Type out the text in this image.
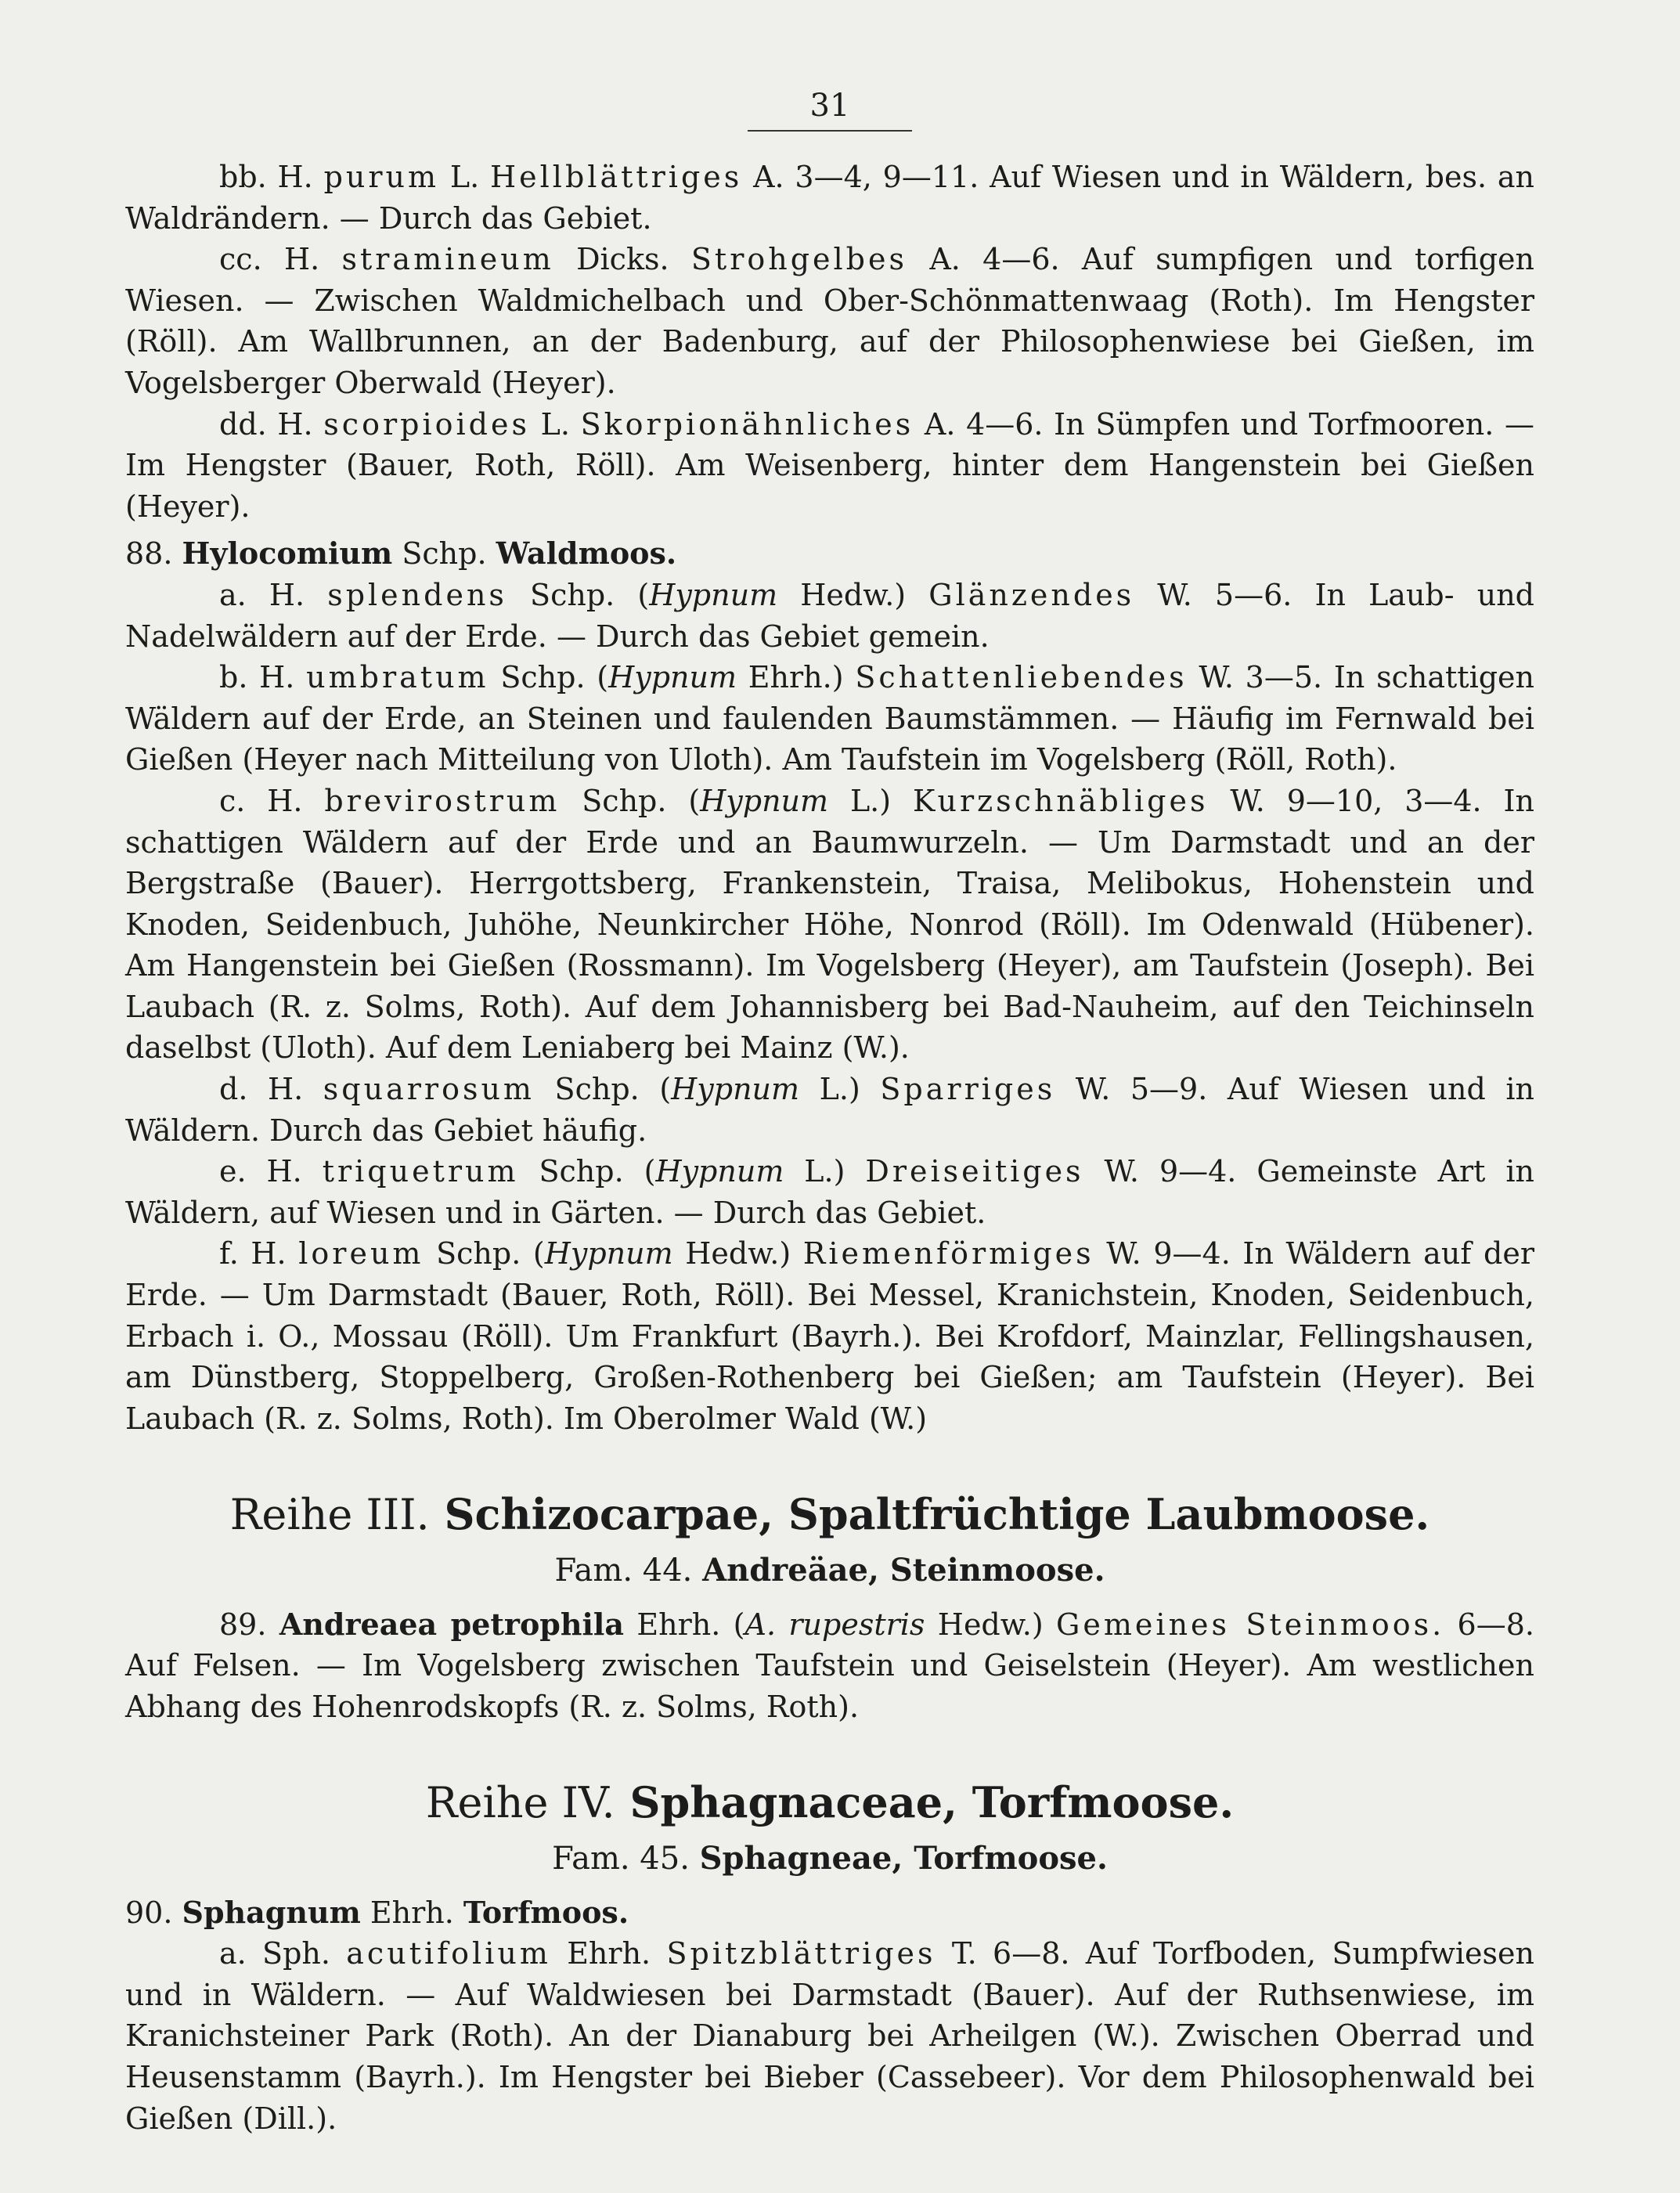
31

bb. H. purum L. Hellblättriges A. 3—4, 9—11. Auf Wiesen und in Wäldern, bes. an Waldrändern. — Durch das Gebiet.

cc. H. stramineum Dicks. Strohgelbes A. 4—6. Auf sumpfigen und torfigen Wiesen. — Zwischen Waldmichelbach und Ober-Schönmattenwaag (Roth). Im Hengster (Röll). Am Wallbrunnen, an der Badenburg, auf der Philosophenwiese bei Gießen, im Vogelsberger Oberwald (Heyer).

dd. H. scorpioides L. Skorpionähnliches A. 4—6. In Sümpfen und Torfmooren. — Im Hengster (Bauer, Roth, Röll). Am Weisenberg, hinter dem Hangenstein bei Gießen (Heyer).

88. Hylocomium Schp. Waldmoos.

a. H. splendens Schp. (Hypnum Hedw.) Glänzendes W. 5—6. In Laub- und Nadelwäldern auf der Erde. — Durch das Gebiet gemein.

b. H. umbratum Schp. (Hypnum Ehrh.) Schattenliebendes W. 3—5. In schattigen Wäldern auf der Erde, an Steinen und faulenden Baumstämmen. — Häufig im Fernwald bei Gießen (Heyer nach Mitteilung von Uloth). Am Taufstein im Vogelsberg (Röll, Roth).

c. H. brevirostrum Schp. (Hypnum L.) Kurzschnäbliges W. 9—10, 3—4. In schattigen Wäldern auf der Erde und an Baumwurzeln. — Um Darmstadt und an der Bergstraße (Bauer). Herrgottsberg, Frankenstein, Traisa, Melibokus, Hohenstein und Knoden, Seidenbuch, Juhöhe, Neunkircher Höhe, Nonrod (Röll). Im Odenwald (Hübener). Am Hangenstein bei Gießen (Rossmann). Im Vogelsberg (Heyer), am Taufstein (Joseph). Bei Laubach (R. z. Solms, Roth). Auf dem Johannisberg bei Bad-Nauheim, auf den Teichinseln daselbst (Uloth). Auf dem Leniaberg bei Mainz (W.).

d. H. squarrosum Schp. (Hypnum L.) Sparriges W. 5—9. Auf Wiesen und in Wäldern. Durch das Gebiet häufig.

e. H. triquetrum Schp. (Hypnum L.) Dreiseitiges W. 9—4. Gemeinste Art in Wäldern, auf Wiesen und in Gärten. — Durch das Gebiet.

f. H. loreum Schp. (Hypnum Hedw.) Riemenförmiges W. 9—4. In Wäldern auf der Erde. — Um Darmstadt (Bauer, Roth, Röll). Bei Messel, Kranichstein, Knoden, Seidenbuch, Erbach i. O., Mossau (Röll). Um Frankfurt (Bayrh.). Bei Krofdorf, Mainzlar, Fellingshausen, am Dünstberg, Stoppelberg, Großen-Rothenberg bei Gießen; am Taufstein (Heyer). Bei Laubach (R. z. Solms, Roth). Im Oberolmer Wald (W.)

Reihe III. Schizocarpae, Spaltfrüchtige Laubmoose.
Fam. 44. Andreäae, Steinmoose.

89. Andreaea petrophila Ehrh. (A. rupestris Hedw.) Gemeines Steinmoos. 6—8. Auf Felsen. — Im Vogelsberg zwischen Taufstein und Geiselstein (Heyer). Am westlichen Abhang des Hohenrodskopfs (R. z. Solms, Roth).

Reihe IV. Sphagnaceae, Torfmoose.
Fam. 45. Sphagneae, Torfmoose.

90. Sphagnum Ehrh. Torfmoos.

a. Sph. acutifolium Ehrh. Spitzblättriges T. 6—8. Auf Torfboden, Sumpfwiesen und in Wäldern. — Auf Waldwiesen bei Darmstadt (Bauer). Auf der Ruthsenwiese, im Kranichsteiner Park (Roth). An der Dianaburg bei Arheilgen (W.). Zwischen Oberrad und Heusenstamm (Bayrh.). Im Hengster bei Bieber (Cassebeer). Vor dem Philosophenwald bei Gießen (Dill.).
